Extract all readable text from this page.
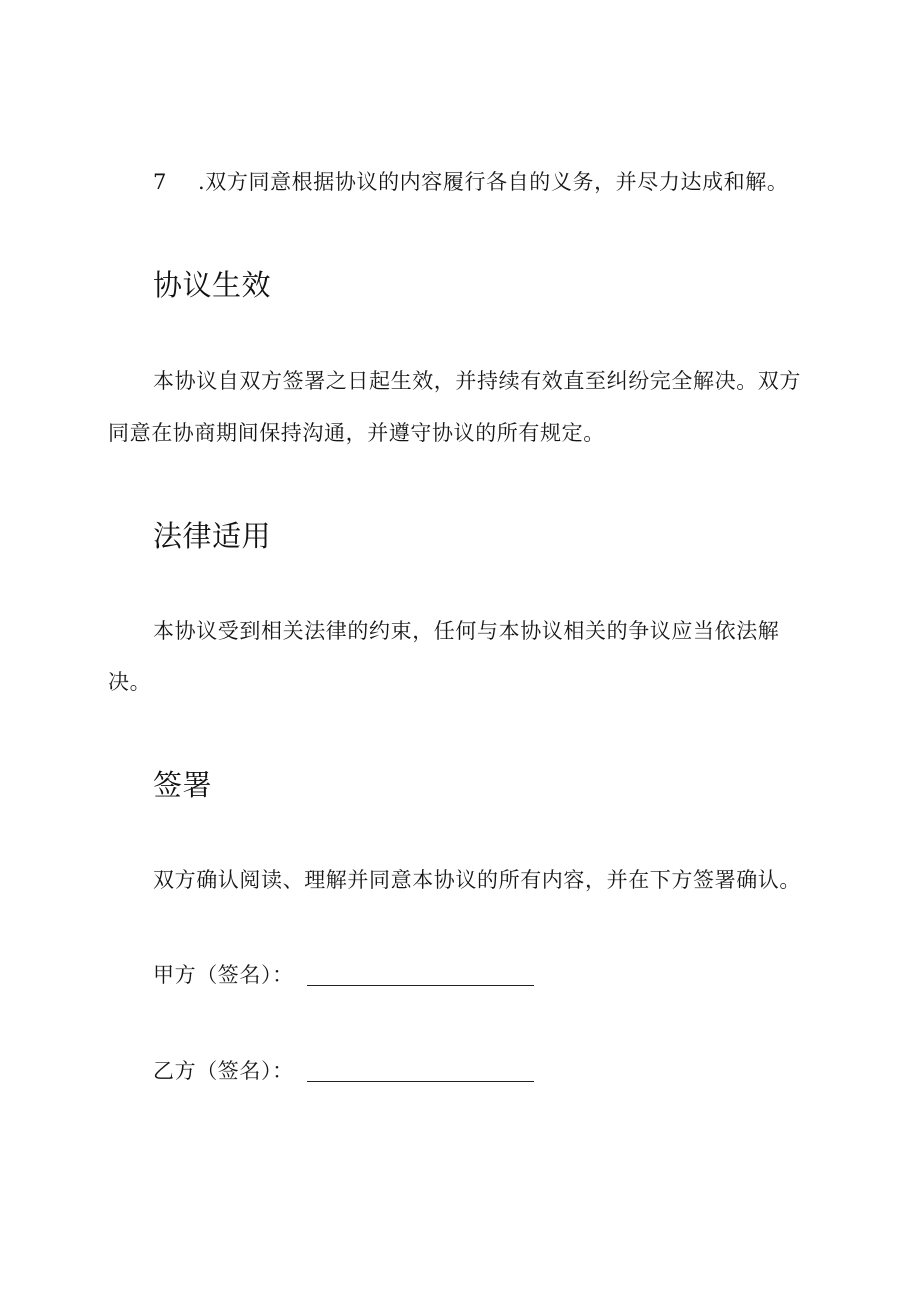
7 .双方同意根据协议的内容履行各自的义务，并尽力达成和解。
协议生效
本协议自双方签署之日起生效，并持续有效直至纠纷完全解决。双方
同意在协商期间保持沟通，并遵守协议的所有规定。
法律适用
本协议受到相关法律的约束，任何与本协议相关的争议应当依法解
决。
签署
双方确认阅读、理解并同意本协议的所有内容，并在下方签署确认。
甲方（签名）：
乙方（签名）：
